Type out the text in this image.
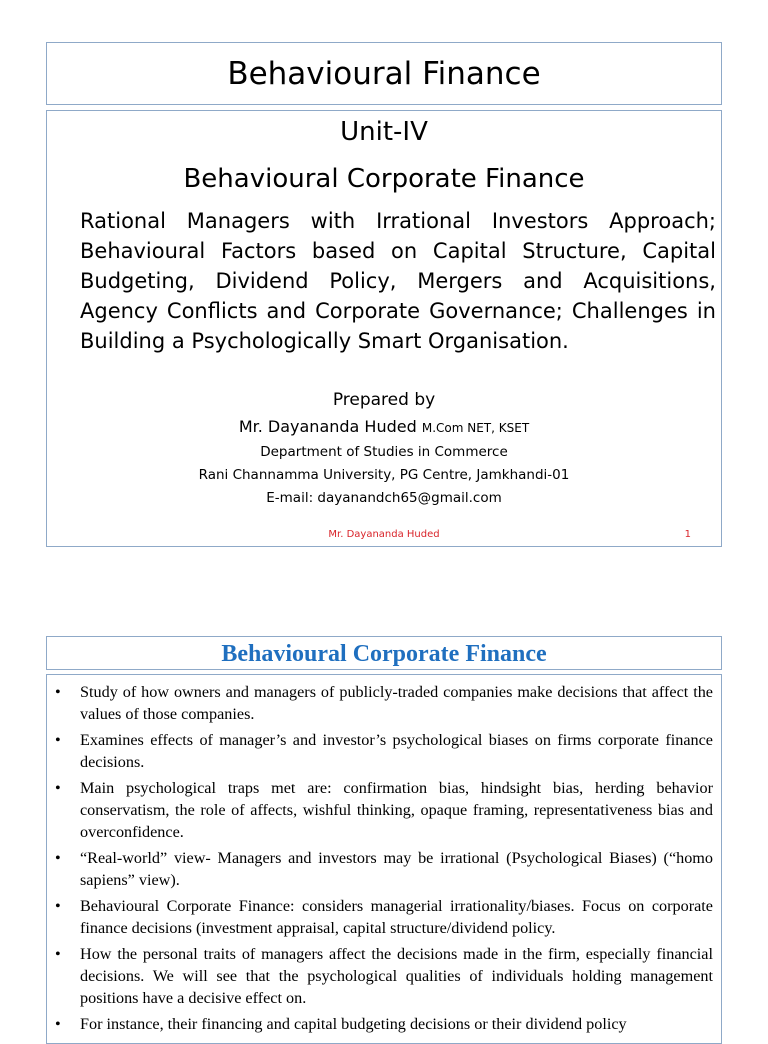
Behavioural Finance
Unit-IV
Behavioural Corporate Finance

Rational Managers with Irrational Investors Approach; Behavioural Factors based on Capital Structure, Capital Budgeting, Dividend Policy, Mergers and Acquisitions, Agency Conflicts and Corporate Governance; Challenges in Building a Psychologically Smart Organisation.

Prepared by
Mr. Dayananda Huded M.Com NET, KSET
Department of Studies in Commerce
Rani Channamma University, PG Centre, Jamkhandi-01
E-mail: dayanandch65@gmail.com
Mr. Dayananda Huded	1
Behavioural Corporate Finance
• Study of how owners and managers of publicly-traded companies make decisions that affect the values of those companies.
• Examines effects of manager’s and investor’s psychological biases on firms corporate finance decisions.
• Main psychological traps met are: confirmation bias, hindsight bias, herding behavior conservatism, the role of affects, wishful thinking, opaque framing, representativeness bias and overconfidence.
• “Real-world” view- Managers and investors may be irrational (Psychological Biases) (“homo sapiens” view).
• Behavioural Corporate Finance: considers managerial irrationality/biases. Focus on corporate finance decisions (investment appraisal, capital structure/dividend policy.
• How the personal traits of managers affect the decisions made in the firm, especially financial decisions. We will see that the psychological qualities of individuals holding management positions have a decisive effect on.
• For instance, their financing and capital budgeting decisions or their dividend policy
